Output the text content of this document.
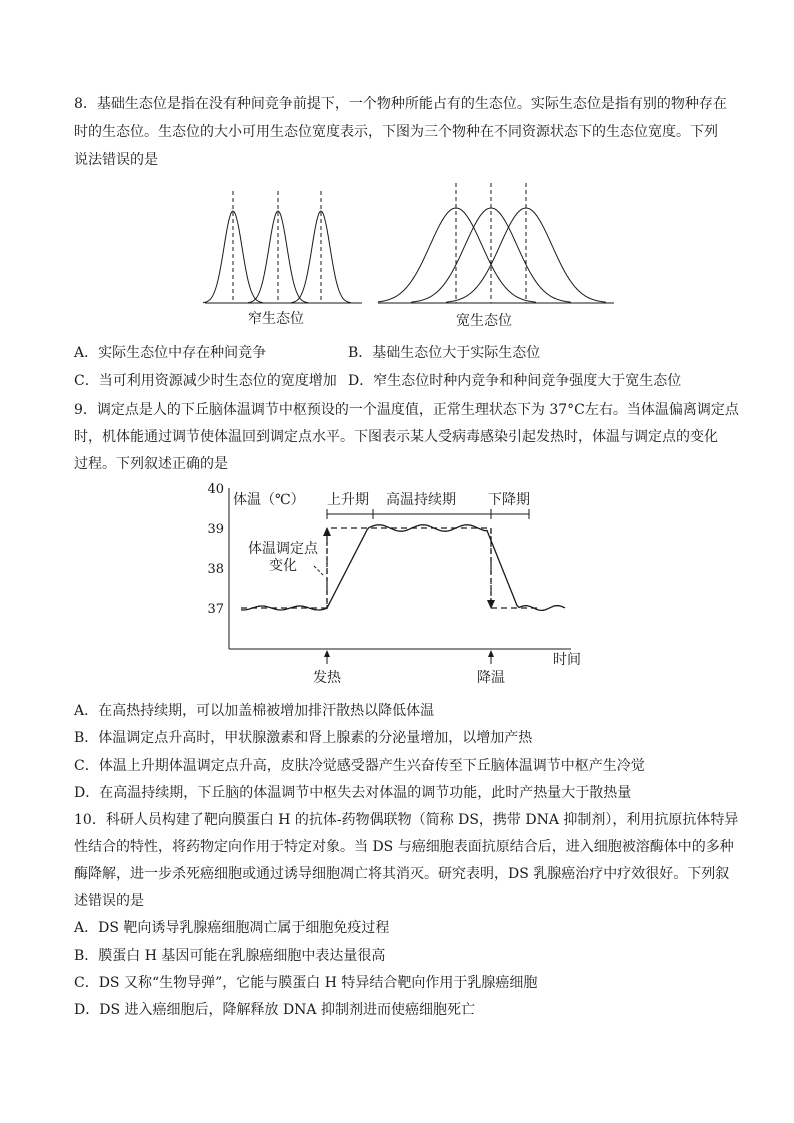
8．基础生态位是指在没有种间竞争前提下，一个物种所能占有的生态位。实际生态位是指有别的物种存在
时的生态位。生态位的大小可用生态位宽度表示，下图为三个物种在不同资源状态下的生态位宽度。下列
说法错误的是
窄生态位	宽生态位
A．实际生态位中存在种间竞争	B．基础生态位大于实际生态位
C．当可利用资源减少时生态位的宽度增加 D．窄生态位时种内竞争和种间竞争强度大于宽生态位
9．调定点是人的下丘脑体温调节中枢预设的一个温度值，正常生理状态下为 37°C左右。当体温偏离调定点
时，机体能通过调节使体温回到调定点水平。下图表示某人受病毒感染引起发热时，体温与调定点的变化
过程。下列叙述正确的是
40
39
38
37
体温（℃）
时间
上升期 高温持续期 下降期
体温调定点
变化
发热	降温
A．在高热持续期，可以加盖棉被增加排汗散热以降低体温
B．体温调定点升高时，甲状腺激素和肾上腺素的分泌量增加，以增加产热
C．体温上升期体温调定点升高，皮肤冷觉感受器产生兴奋传至下丘脑体温调节中枢产生冷觉
D．在高温持续期，下丘脑的体温调节中枢失去对体温的调节功能，此时产热量大于散热量
10．科研人员构建了靶向膜蛋白 H 的抗体-药物偶联物（简称 DS，携带 DNA 抑制剂），利用抗原抗体特异
性结合的特性，将药物定向作用于特定对象。当 DS 与癌细胞表面抗原结合后，进入细胞被溶酶体中的多种
酶降解，进一步杀死癌细胞或通过诱导细胞凋亡将其消灭。研究表明，DS 乳腺癌治疗中疗效很好。下列叙
述错误的是
A．DS 靶向诱导乳腺癌细胞凋亡属于细胞免疫过程
B．膜蛋白 H 基因可能在乳腺癌细胞中表达量很高
C．DS 又称“生物导弹”，它能与膜蛋白 H 特异结合靶向作用于乳腺癌细胞
D．DS 进入癌细胞后，降解释放 DNA 抑制剂进而使癌细胞死亡
